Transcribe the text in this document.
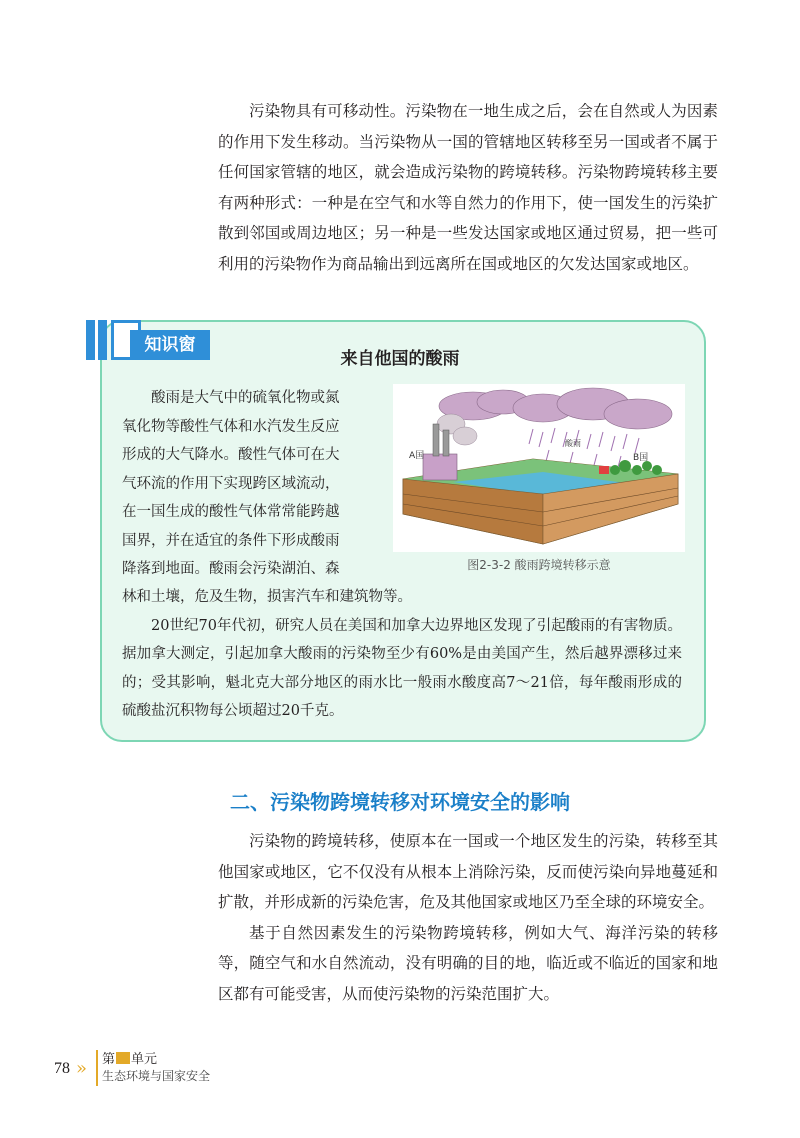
污染物具有可移动性。污染物在一地生成之后，会在自然或人为因素的作用下发生移动。当污染物从一国的管辖地区转移至另一国或者不属于任何国家管辖的地区，就会造成污染物的跨境转移。污染物跨境转移主要有两种形式：一种是在空气和水等自然力的作用下，使一国发生的污染扩散到邻国或周边地区；另一种是一些发达国家或地区通过贸易，把一些可利用的污染物作为商品输出到远离所在国或地区的欠发达国家或地区。

知识窗
来自他国的酸雨

酸雨是大气中的硫氧化物或氮

氧化物等酸性气体和水汽发生反应

形成的大气降水。酸性气体可在大

气环流的作用下实现跨区域流动，

在一国生成的酸性气体常常能跨越

国界，并在适宜的条件下形成酸雨

降落到地面。酸雨会污染湖泊、森

林和土壤，危及生物，损害汽车和建筑物等。

20世纪70年代初，研究人员在美国和加拿大边界地区发现了引起酸雨的有害物质。据加拿大测定，引起加拿大酸雨的污染物至少有60%是由美国产生，然后越界漂移过来的；受其影响，魁北克大部分地区的雨水比一般雨水酸度高7～21倍，每年酸雨形成的硫酸盐沉积物每公顷超过20千克。

A国	B国
酸雨
图2-3-2 酸雨跨境转移示意
二、污染物跨境转移对环境安全的影响

污染物的跨境转移，使原本在一国或一个地区发生的污染，转移至其他国家或地区，它不仅没有从根本上消除污染，反而使污染向异地蔓延和扩散，并形成新的污染危害，危及其他国家或地区乃至全球的环境安全。

基于自然因素发生的污染物跨境转移，例如大气、海洋污染的转移等，随空气和水自然流动，没有明确的目的地，临近或不临近的国家和地区都有可能受害，从而使污染物的污染范围扩大。

78 » 第 单元
生态环境与国家安全
